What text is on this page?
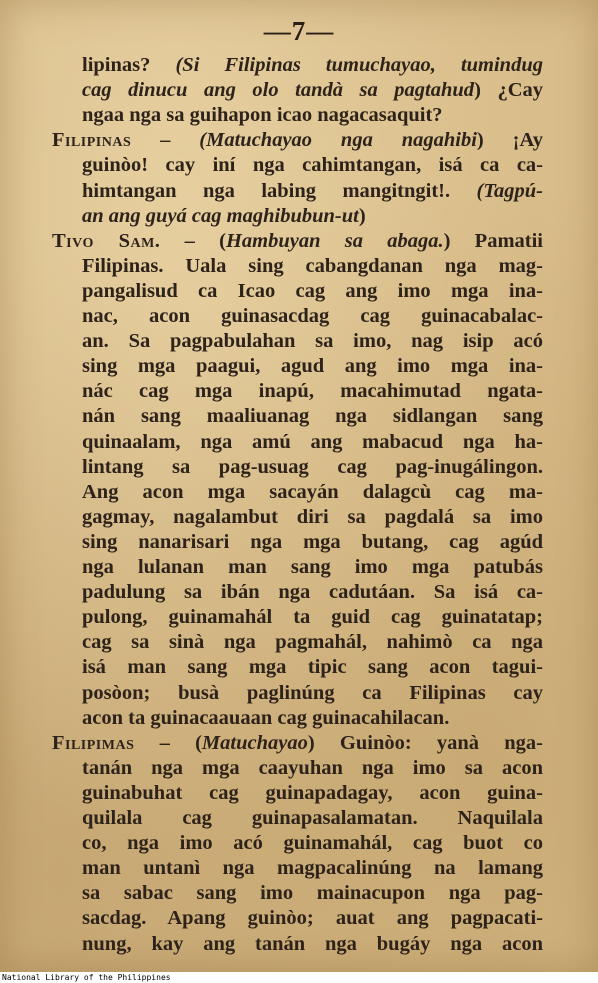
—7—
lipinas? (Si Filipinas tumuchayao, tumindug
cag dinucu ang olo tandà sa pagtahud) ¿Cay
ngaa nga sa guihapon icao nagacasaquit?
Filipinas – (Matuchayao nga nagahibi) ¡Ay
guinòo! cay iní nga cahimtangan, isá ca ca-
himtangan nga labing mangitngit!. (Tagpú-
an ang guyá cag maghibubun-ut)
Tivo Sam. – (Hambuyan sa abaga.) Pamatii
Filipinas. Uala sing cabangdanan nga mag-
pangalisud ca Icao cag ang imo mga ina-
nac, acon guinasacdag cag guinacabalac-
an. Sa pagpabulahan sa imo, nag isip acó
sing mga paagui, agud ang imo mga ina-
nác cag mga inapú, macahimutad ngata-
nán sang maaliuanag nga sidlangan sang
quinaalam, nga amú ang mabacud nga ha-
lintang sa pag-usuag cag pag-inugálingon.
Ang acon mga sacayán dalagcù cag ma-
gagmay, nagalambut diri sa pagdalá sa imo
sing nanarisari nga mga butang, cag agúd
nga lulanan man sang imo mga patubás
padulung sa ibán nga cadutáan. Sa isá ca-
pulong, guinamahál ta guid cag guinatatap;
cag sa sinà nga pagmahál, nahimò ca nga
isá man sang mga tipic sang acon tagui-
posòon; busà paglinúng ca Filipinas cay
acon ta guinacaauaan cag guinacahilacan.
Filipimas – (Matuchayao) Guinòo: yanà nga-
tanán nga mga caayuhan nga imo sa acon
guinabuhat cag guinapadagay, acon guina-
quilala cag guinapasalamatan. Naquilala
co, nga imo acó guinamahál, cag buot co
man untanì nga magpacalinúng na lamang
sa sabac sang imo mainacupon nga pag-
sacdag. Apang guinòo; auat ang pagpacati-
nung, kay ang tanán nga bugáy nga acon
National Library of the Philippines
